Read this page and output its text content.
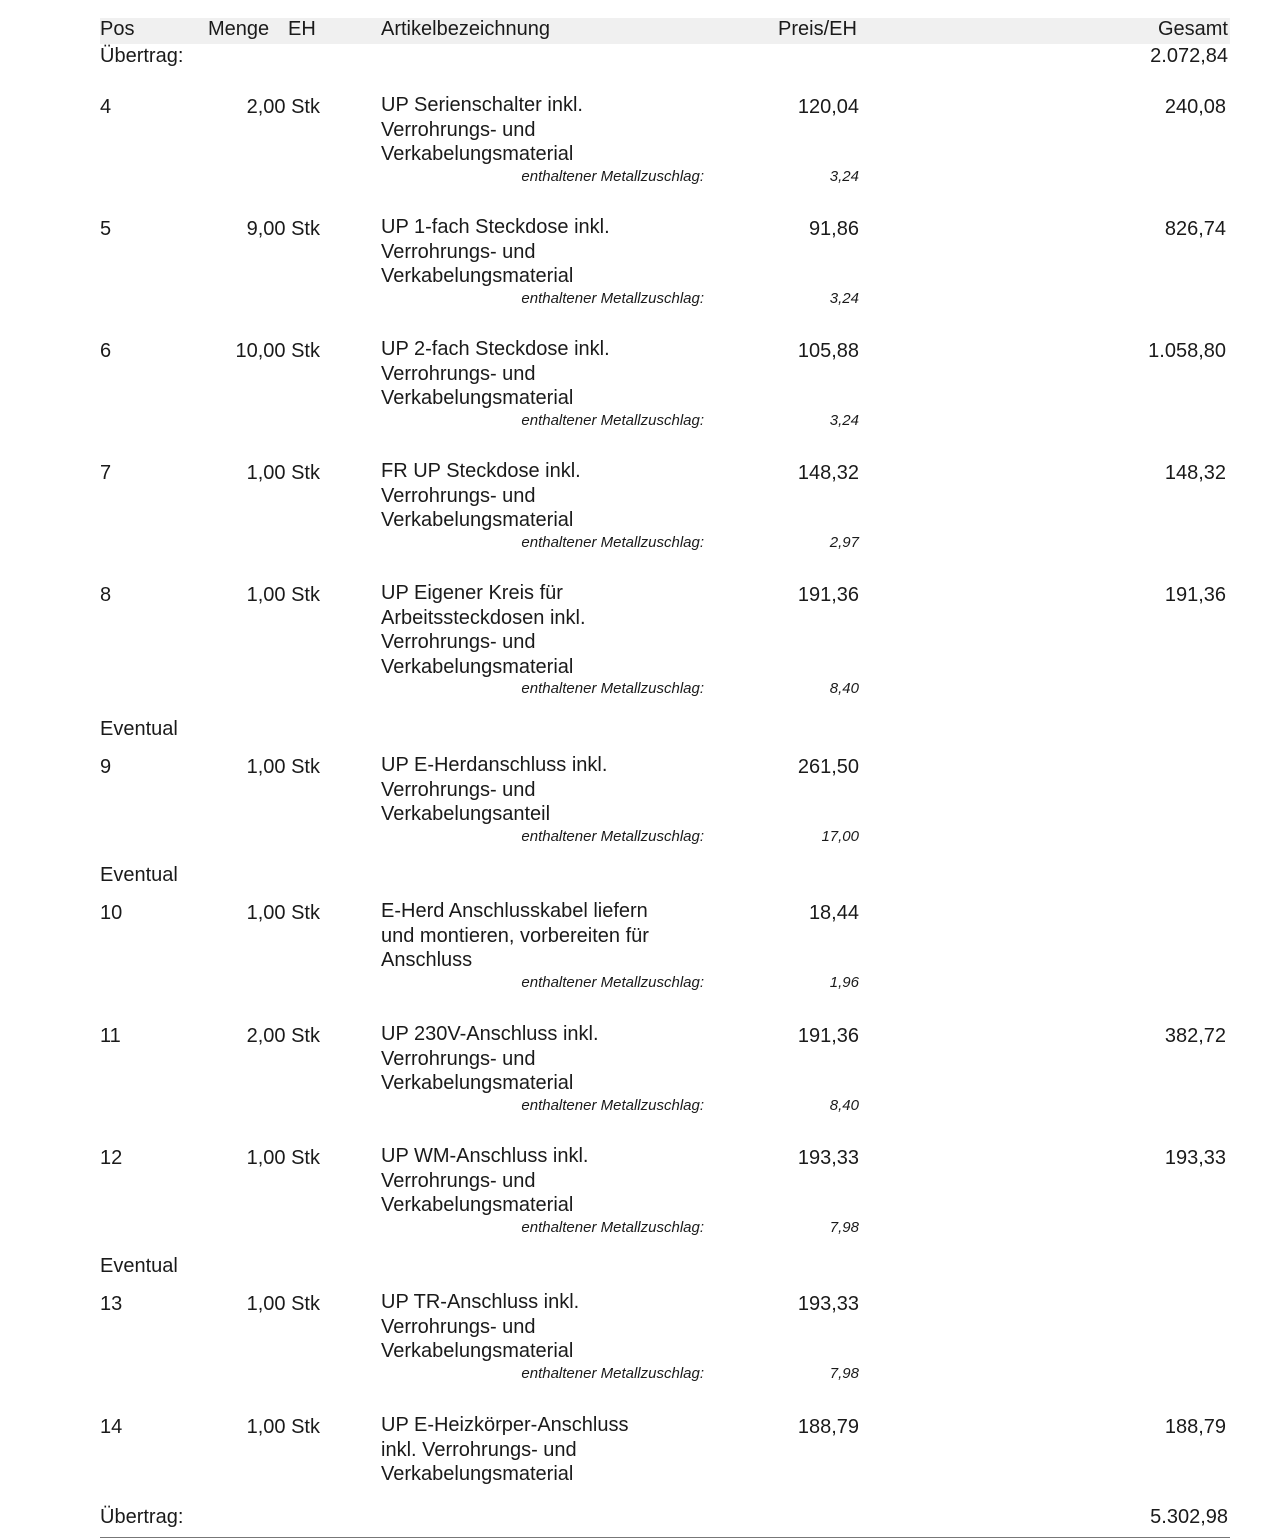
Pos	Menge EH	Artikelbezeichnung	Preis/EH	Gesamt
Übertrag:	2.072,84
4	2,00 Stk	UP Serienschalter inkl.
Verrohrungs- und
Verkabelungsmaterial
120,04	240,08
enthaltener Metallzuschlag:	3,24
5	9,00 Stk	UP 1-fach Steckdose inkl.
Verrohrungs- und
Verkabelungsmaterial
91,86	826,74
enthaltener Metallzuschlag:	3,24
6	10,00 Stk	UP 2-fach Steckdose inkl.
Verrohrungs- und
Verkabelungsmaterial
105,88	1.058,80
enthaltener Metallzuschlag:	3,24
7	1,00 Stk	FR UP Steckdose inkl.
Verrohrungs- und
Verkabelungsmaterial
148,32	148,32
enthaltener Metallzuschlag:	2,97
8	1,00 Stk	UP Eigener Kreis für
Arbeitssteckdosen inkl.
Verrohrungs- und
Verkabelungsmaterial
191,36	191,36
enthaltener Metallzuschlag:	8,40
Eventual
9	1,00 Stk	UP E-Herdanschluss inkl.
Verrohrungs- und
Verkabelungsanteil
261,50
enthaltener Metallzuschlag:	17,00
Eventual
10	1,00 Stk	E-Herd Anschlusskabel liefern
und montieren, vorbereiten für
Anschluss
18,44
enthaltener Metallzuschlag:	1,96
11	2,00 Stk	UP 230V-Anschluss inkl.
Verrohrungs- und
Verkabelungsmaterial
191,36	382,72
enthaltener Metallzuschlag:	8,40
12	1,00 Stk	UP WM-Anschluss inkl.
Verrohrungs- und
Verkabelungsmaterial
193,33	193,33
enthaltener Metallzuschlag:	7,98
Eventual
13	1,00 Stk	UP TR-Anschluss inkl.
Verrohrungs- und
Verkabelungsmaterial
193,33
enthaltener Metallzuschlag:	7,98
14	1,00 Stk	UP E-Heizkörper-Anschluss
inkl. Verrohrungs- und
Verkabelungsmaterial
188,79	188,79
Übertrag:	5.302,98
